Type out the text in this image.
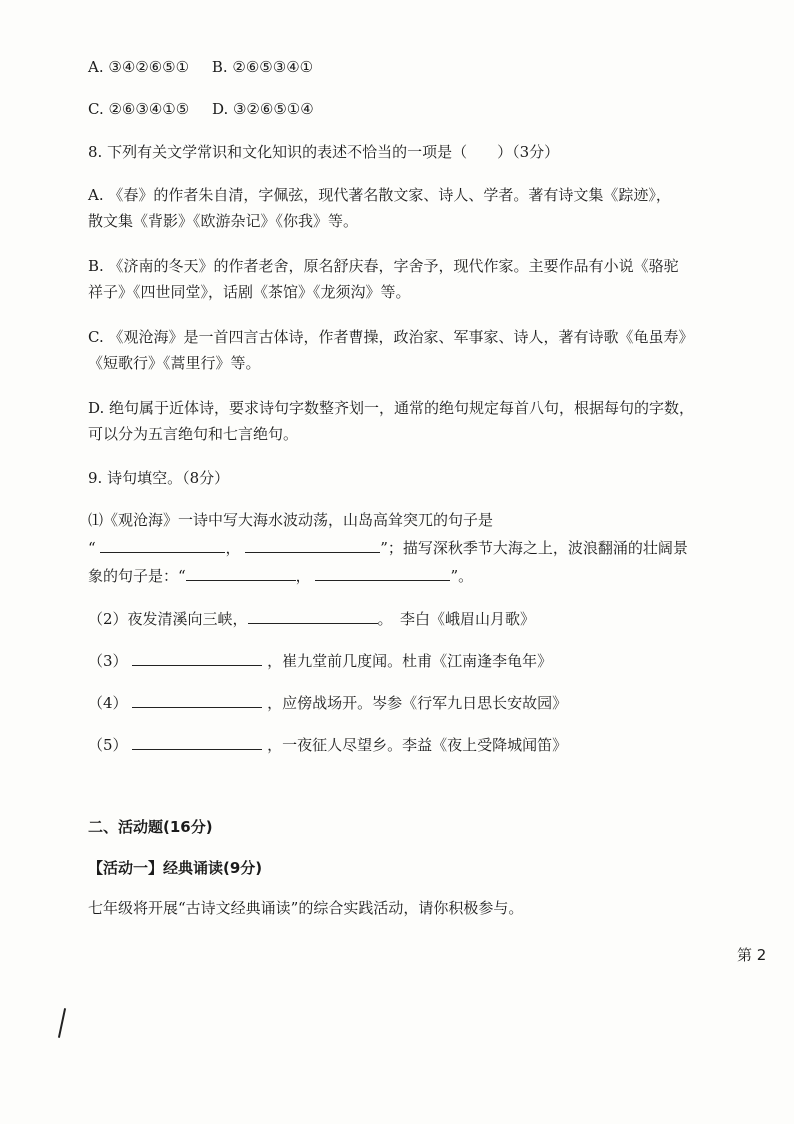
A. ③④②⑥⑤① B. ②⑥⑤③④①
C. ②⑥③④①⑤ D. ③②⑥⑤①④
8. 下列有关文学常识和文化知识的表述不恰当的一项是（　　）（3分）
A. 《春》的作者朱自清，字佩弦，现代著名散文家、诗人、学者。著有诗文集《踪迹》，
散文集《背影》《欧游杂记》《你我》等。
B. 《济南的冬天》的作者老舍，原名舒庆春，字舍予，现代作家。主要作品有小说《骆驼
祥子》《四世同堂》，话剧《茶馆》《龙须沟》等。
C. 《观沧海》是一首四言古体诗，作者曹操，政治家、军事家、诗人，著有诗歌《龟虽寿》
《短歌行》《蒿里行》等。
D. 绝句属于近体诗，要求诗句字数整齐划一，通常的绝句规定每首八句，根据每句的字数，
可以分为五言绝句和七言绝句。
9. 诗句填空。（8分）
⑴《观沧海》一诗中写大海水波动荡，山岛高耸突兀的句子是
“	，	”；描写深秋季节大海之上，波浪翻涌的壮阔景
象的句子是：“	，	”。
（2）夜发清溪向三峡，	。　李白《峨眉山月歌》
（3）	，崔九堂前几度闻。杜甫《江南逢李龟年》
（4）	，应傍战场开。岑参《行军九日思长安故园》
（5）	，一夜征人尽望乡。李益《夜上受降城闻笛》
二、活动题(16分)
【活动一】经典诵读(9分)
七年级将开展“古诗文经典诵读”的综合实践活动，请你积极参与。
第 2
